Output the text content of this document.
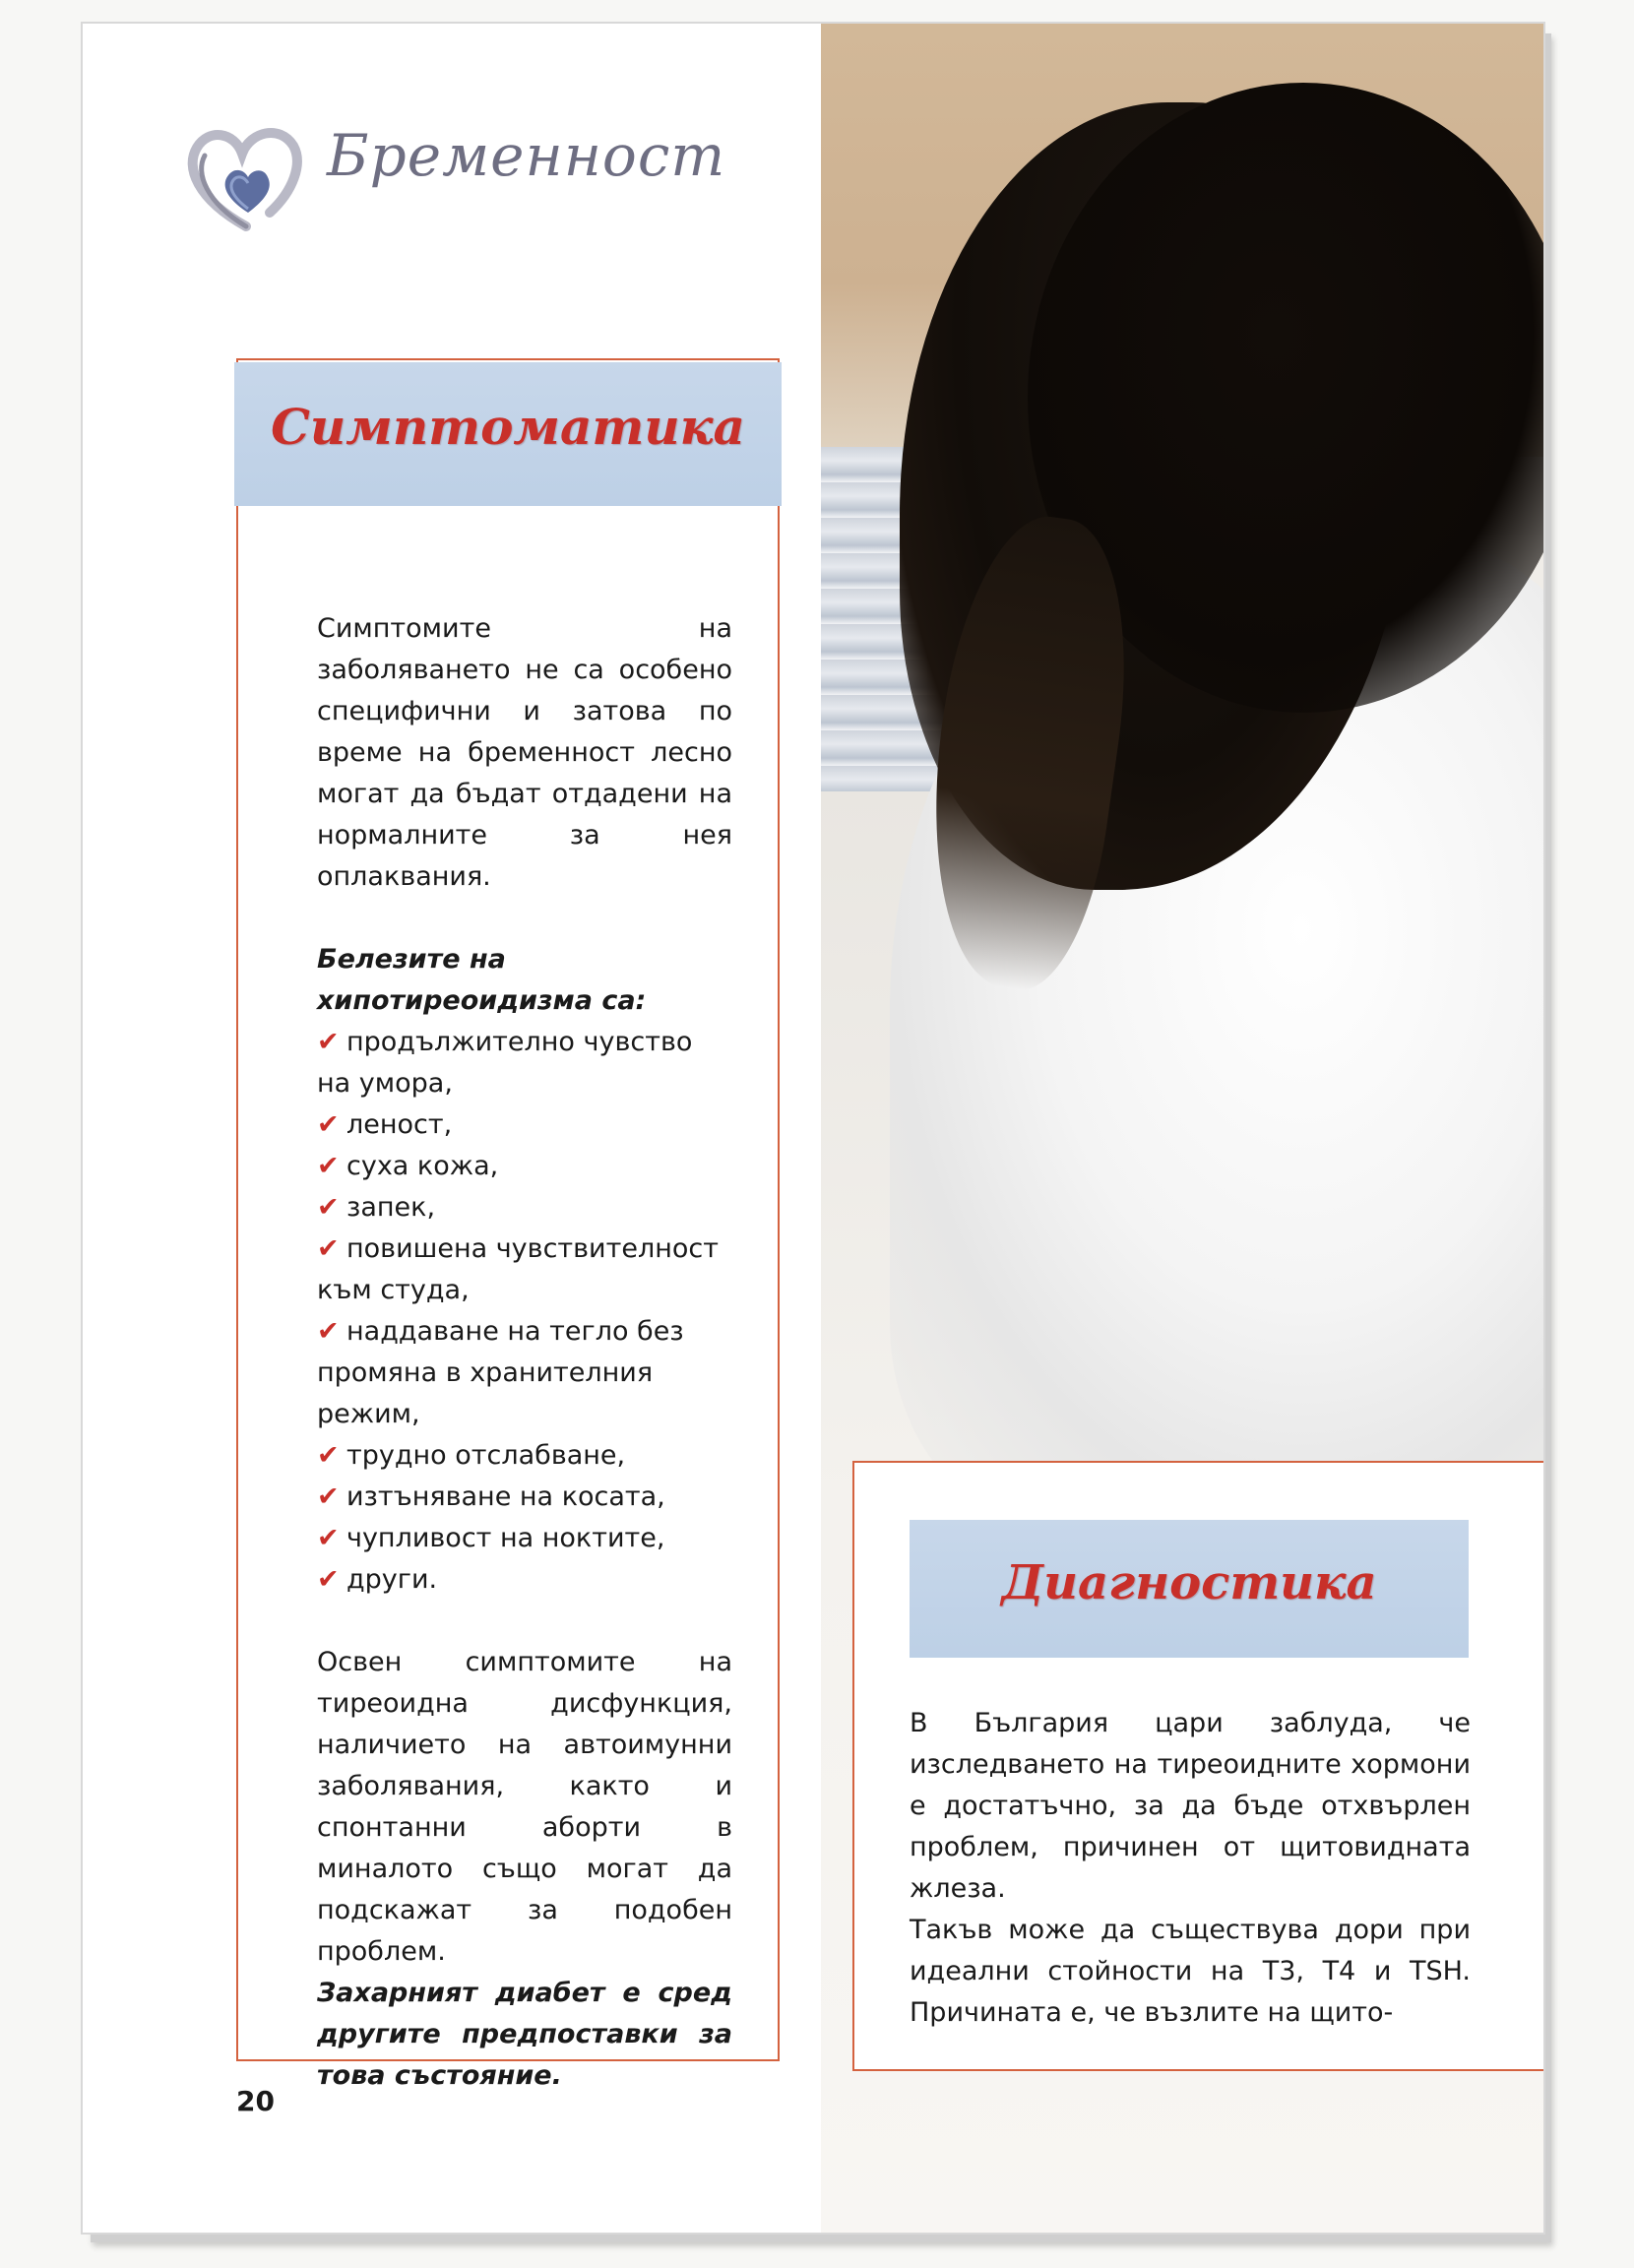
Бременност
Симптоматика

Симптомите на заболяването не са особено специфични и затова по време на бременност лесно могат да бъдат отдадени на нормалните за нея оплаквания.

Белезите на хипотиреоидизма са:

✔ продължително чувство на умора,
✔ леност,
✔ суха кожа,
✔ запек,
✔ повишена чувствителност към студа,
✔ наддаване на тегло без промяна в хранителния режим,
✔ трудно отслабване,
✔ изтъняване на косата,
✔ чупливост на ноктите,
✔ други.

Освен симптомите на тиреоидна дисфункция, наличието на автоимунни заболявания, както и спонтанни аборти в миналото също могат да подскажат за подобен проблем.

Захарният диабет е сред другите предпоставки за това състояние.

Диагностика

В България цари заблуда, че изследването на тиреоидните хормони е достатъчно, за да бъде отхвърлен проблем, причинен от щитовидната жлеза.

Такъв може да съществува дори при идеални стойности на Т3, Т4 и TSH. Причината е, че възлите на щито-

20
